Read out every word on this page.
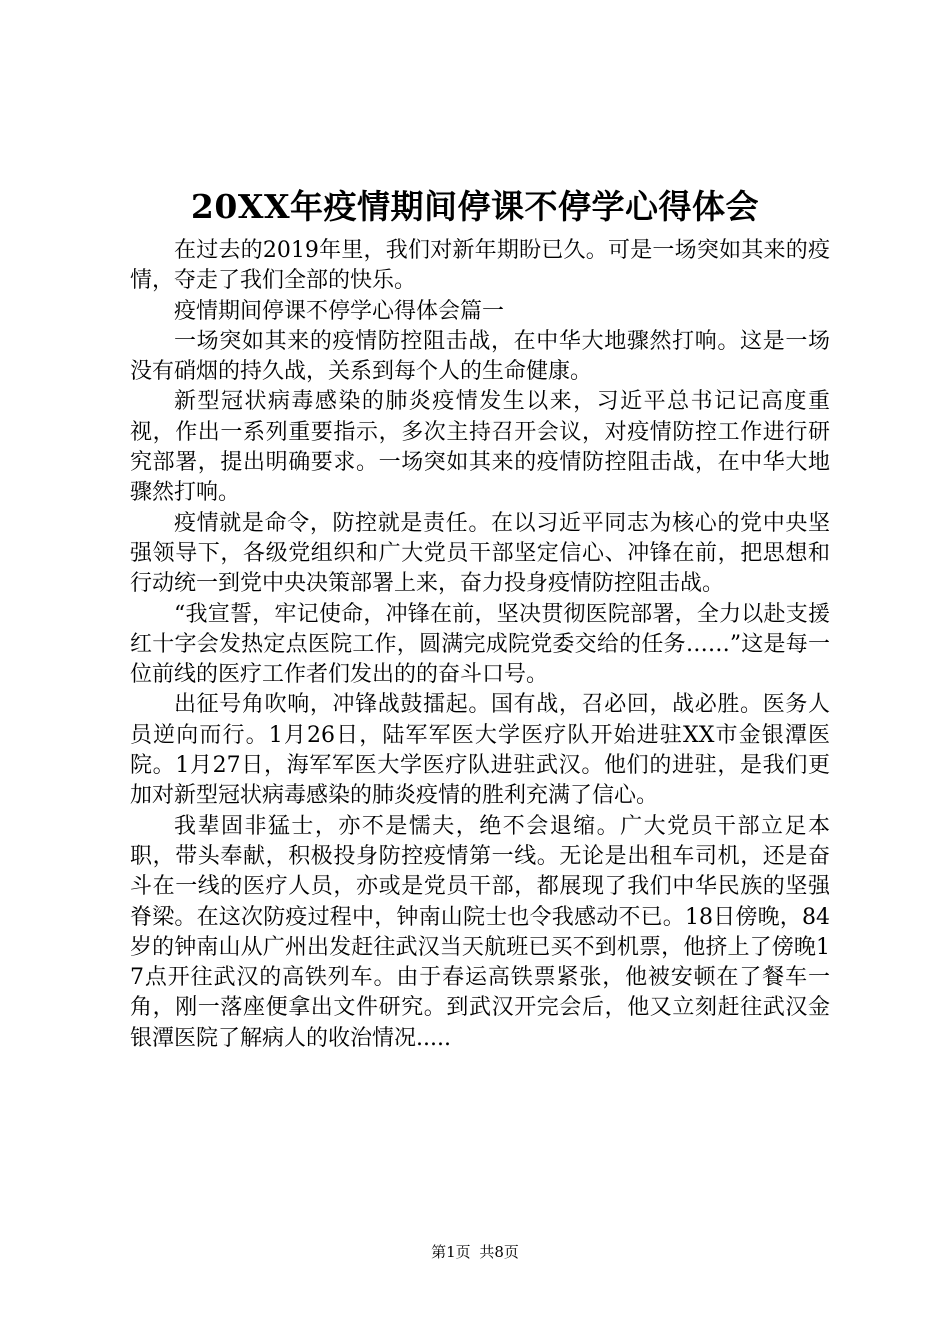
20XX年疫情期间停课不停学心得体会

在过去的2019年里，我们对新年期盼已久。可是一场突如其来的疫情，夺走了我们全部的快乐。

疫情期间停课不停学心得体会篇一

一场突如其来的疫情防控阻击战，在中华大地骤然打响。这是一场没有硝烟的持久战，关系到每个人的生命健康。

新型冠状病毒感染的肺炎疫情发生以来，习近平总书记记高度重视，作出一系列重要指示，多次主持召开会议，对疫情防控工作进行研究部署，提出明确要求。一场突如其来的疫情防控阻击战，在中华大地骤然打响。

疫情就是命令，防控就是责任。在以习近平同志为核心的党中央坚强领导下，各级党组织和广大党员干部坚定信心、冲锋在前，把思想和行动统一到党中央决策部署上来，奋力投身疫情防控阻击战。

“我宣誓，牢记使命，冲锋在前，坚决贯彻医院部署，全力以赴支援红十字会发热定点医院工作，圆满完成院党委交给的任务……”这是每一位前线的医疗工作者们发出的的奋斗口号。

出征号角吹响，冲锋战鼓擂起。国有战，召必回，战必胜。医务人员逆向而行。1月26日，陆军军医大学医疗队开始进驻XX市金银潭医院。1月27日，海军军医大学医疗队进驻武汉。他们的进驻，是我们更加对新型冠状病毒感染的肺炎疫情的胜利充满了信心。

我辈固非猛士，亦不是懦夫，绝不会退缩。广大党员干部立足本职，带头奉献，积极投身防控疫情第一线。无论是出租车司机，还是奋斗在一线的医疗人员，亦或是党员干部，都展现了我们中华民族的坚强脊梁。在这次防疫过程中，钟南山院士也令我感动不已。18日傍晚，84岁的钟南山从广州出发赶往武汉当天航班已买不到机票，他挤上了傍晚17点开往武汉的高铁列车。由于春运高铁票紧张，他被安顿在了餐车一角，刚一落座便拿出文件研究。到武汉开完会后，他又立刻赶往武汉金银潭医院了解病人的收治情况.....

第1页 共8页
